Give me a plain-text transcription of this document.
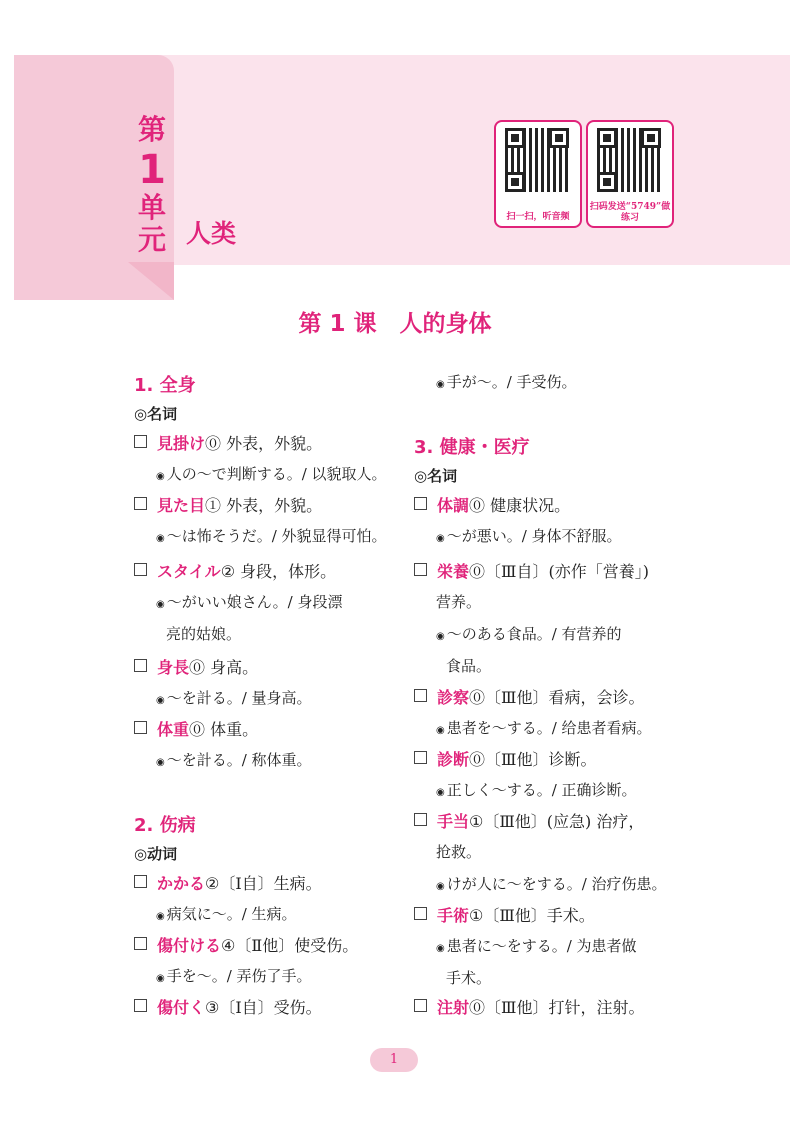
第
1
单元 人类
扫一扫，听音频
扫码发送“5749”做练习
第 1 课　人的身体
1. 全身
◎名词
見掛け⓪ 外表，外貌。
◉ 人の～で判断する。/ 以貌取人。
見た目① 外表，外貌。
◉ ～は怖そうだ。/ 外貌显得可怕。
スタイル② 身段，体形。
◉ ～がいい娘さん。/ 身段漂
亮的姑娘。
身長⓪ 身高。
◉ ～を計る。/ 量身高。
体重⓪ 体重。
◉ ～を計る。/ 称体重。
2. 伤病
◎动词
かかる②〔Ⅰ自〕生病。
◉ 病気に～。/ 生病。
傷付ける④〔Ⅱ他〕使受伤。
◉ 手を～。/ 弄伤了手。
傷付く③〔Ⅰ自〕受伤。
◉ 手が～。/ 手受伤。
3. 健康・医疗
◎名词
体調⓪ 健康状况。
◉ ～が悪い。/ 身体不舒服。
栄養⓪〔Ⅲ自〕(亦作「営養」)
营养。
◉ ～のある食品。/ 有营养的
食品。
診察⓪〔Ⅲ他〕看病，会诊。
◉ 患者を～する。/ 给患者看病。
診断⓪〔Ⅲ他〕诊断。
◉ 正しく～する。/ 正确诊断。
手当①〔Ⅲ他〕(应急) 治疗，
抢救。
◉ けが人に～をする。/ 治疗伤患。
手術①〔Ⅲ他〕手术。
◉ 患者に～をする。/ 为患者做
手术。
注射⓪〔Ⅲ他〕打针，注射。
1
